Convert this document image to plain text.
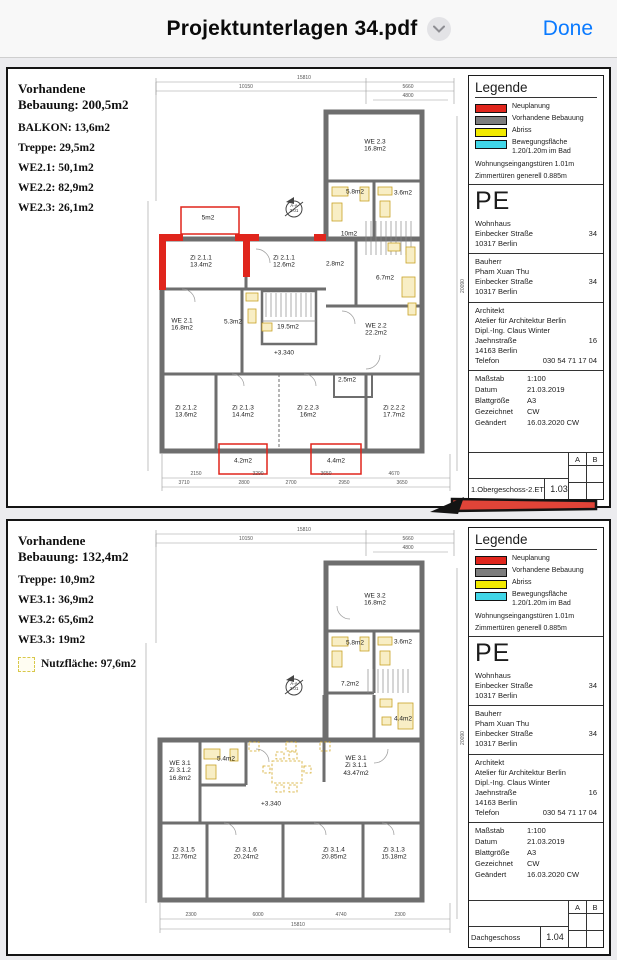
Projektunterlagen 34.pdf	Done
Vorhandene
Bebauung: 200,5m2
BALKON: 13,6m2
Treppe: 29,5m2
WE2.1: 50,1m2
WE2.2: 82,9m2
WE2.3: 26,1m2
15810
10150	5660
4800
2150	3290	3650	4670
3710	2800	2700	2950	3650
20090
A-A
3.01
WE 2.3
16.8m2
5.8m2	3.6m2
10m2
5m2
Zi 2.1.1
13.4m2
Zi 2.1.1
12.6m2	2.8m2
6.7m2
WE 2.1
16.8m2
5.3m2
19.5m2	WE 2.2
22.2m2
+3.340
2.5m2
Zi 2.1.2
13.6m2
Zi 2.1.3
14.4m2
Zi 2.2.3
16m2
Zi 2.2.2
17.7m2
4.2m2	4.4m2
Legende
Neuplanung
Vorhandene Bebauung
Abriss
Bewegungsfläche 1.20/1.20m im Bad
Wohnungseingangstüren 1.01m
Zimmertüren generell 0.885m
PE
Wohnhaus
Einbecker Straße	34
10317 Berlin
Bauherr
Pham Xuan Thu
Einbecker Straße	34
10317 Berlin
Architekt
Atelier für Architektur Berlin
Dipl.-Ing. Claus Winter
Jaehnstraße	16
14163 Berlin
Telefon	030 54 71 17 04
Maßstab	1:100
Datum	21.03.2019
Blattgröße	A3
Gezeichnet	CW
Geändert	16.03.2020 CW
A	B
1.Obergeschoss-2.ET 1.03
Vorhandene
Bebauung: 132,4m2
Treppe: 10,9m2
WE3.1: 36,9m2
WE3.2: 65,6m2
WE3.3: 19m2
Nutzfläche: 97,6m2
15810
10150	5660
4800
2300	6000	4740	2300
15810
20090
A-A
3.01
WE 3.2
16.8m2
5.8m2	3.6m2
7.2m2
4.4m2
WE 3.1
Zi 3.1.2
16.8m2
5.4m2	WE 3.1
Zi 3.1.1
43.47m2
+3.340
Zi 3.1.5
12.76m2
Zi 3.1.6
20.24m2
Zi 3.1.4
20.85m2
Zi 3.1.3
15.18m2
Legende
Neuplanung
Vorhandene Bebauung
Abriss
Bewegungsfläche 1.20/1.20m im Bad
Wohnungseingangstüren 1.01m
Zimmertüren generell 0.885m
PE
Wohnhaus
Einbecker Straße	34
10317 Berlin
Bauherr
Pham Xuan Thu
Einbecker Straße	34
10317 Berlin
Architekt
Atelier für Architektur Berlin
Dipl.-Ing. Claus Winter
Jaehnstraße	16
14163 Berlin
Telefon	030 54 71 17 04
Maßstab	1:100
Datum	21.03.2019
Blattgröße	A3
Gezeichnet	CW
Geändert	16.03.2020 CW
A	B
Dachgeschoss	1.04
